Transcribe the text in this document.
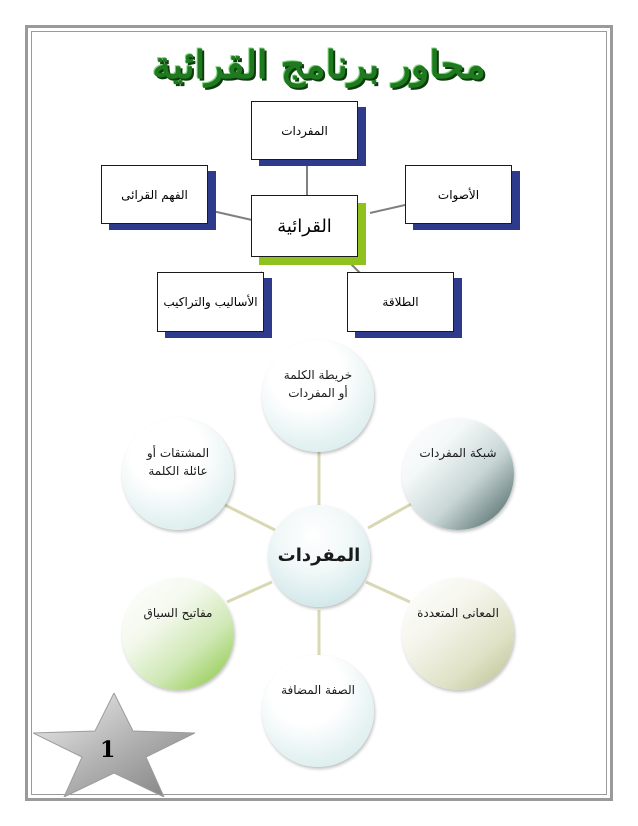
محاور برنامج القرائية
المفردات
الفهم القرائى	الأصوات
القرائية
الأساليب والتراكيب	الطلاقة
خريطة الكلمة
أو المفردات
المشتقات أو
عائلة الكلمة
شبكة المفردات
المفردات
مفاتيح السياق	المعانى المتعددة
الصفة المضافة
1
